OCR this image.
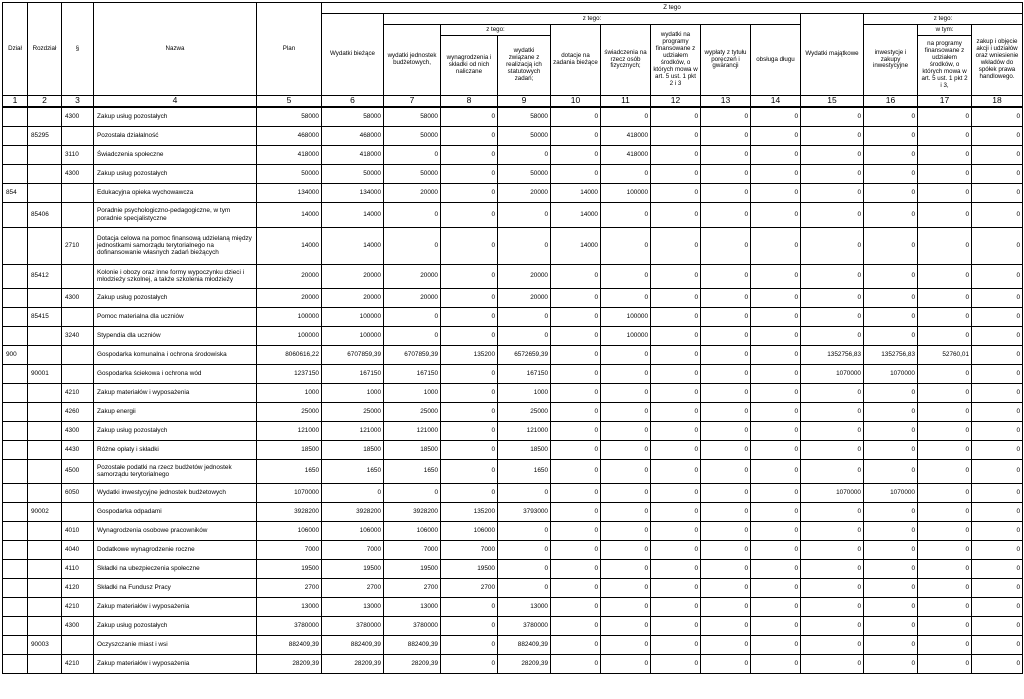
Dział	Rozdział	§	Nazwa	Plan	Z tego												
					Wydatki bieżące	z tego:								Wydatki majątkowe	z tego:		
						wydatki jednostek budżetowych,	z tego:		dotacje na zadania bieżące	świadczenia na rzecz osób fizycznych;	wydatki na programy finansowane z udziałem środków, o których mowa w art. 5 ust. 1 pkt 2 i 3	wypłaty z tytułu poręczeń i gwarancji	obsługa długu		inwestycje i zakupy inwestycyjne	w tym:	zakup i objęcie akcji i udziałów oraz wniesienie wkładów do spółek prawa handlowego.
							wynagrodzenia i składki od nich naliczane	wydatki związane z realizacją ich statutowych zadań;								na programy finansowane z udziałem środków, o których mowa w art. 5 ust. 1 pkt 2 i 3,	

1	2	3	4	5	6	7	8	9	10	11	12	13	14	15	16	17	18
		4300	Zakup usług pozostałych	58000	58000	58000	0	58000	0	0	0	0	0	0	0	0	0
	85295		Pozostała działalność	468000	468000	50000	0	50000	0	418000	0	0	0	0	0	0	0
		3110	Świadczenia społeczne	418000	418000	0	0	0	0	418000	0	0	0	0	0	0	0
		4300	Zakup usług pozostałych	50000	50000	50000	0	50000	0	0	0	0	0	0	0	0	0
854			Edukacyjna opieka wychowawcza	134000	134000	20000	0	20000	14000	100000	0	0	0	0	0	0	0
	85406		Poradnie psychologiczno-pedagogiczne, w tym poradnie specjalistyczne	14000	14000	0	0	0	14000	0	0	0	0	0	0	0	0
		2710	Dotacja celowa na pomoc finansową udzielaną między jednostkami samorządu terytorialnego na dofinansowanie własnych zadań bieżących	14000	14000	0	0	0	14000	0	0	0	0	0	0	0	0
	85412		Kolonie i obozy oraz inne formy wypoczynku dzieci i młodzieży szkolnej, a także szkolenia młodzieży	20000	20000	20000	0	20000	0	0	0	0	0	0	0	0	0
		4300	Zakup usług pozostałych	20000	20000	20000	0	20000	0	0	0	0	0	0	0	0	0
	85415		Pomoc materialna dla uczniów	100000	100000	0	0	0	0	100000	0	0	0	0	0	0	0
		3240	Stypendia dla uczniów	100000	100000	0	0	0	0	100000	0	0	0	0	0	0	0
900			Gospodarka komunalna i ochrona środowiska	8060616,22	6707859,39	6707859,39	135200	6572659,39	0	0	0	0	0	1352756,83	1352756,83	52760,01	0
	90001		Gospodarka ściekowa i ochrona wód	1237150	167150	167150	0	167150	0	0	0	0	0	1070000	1070000	0	0
		4210	Zakup materiałów i wyposażenia	1000	1000	1000	0	1000	0	0	0	0	0	0	0	0	0
		4260	Zakup energii	25000	25000	25000	0	25000	0	0	0	0	0	0	0	0	0
		4300	Zakup usług pozostałych	121000	121000	121000	0	121000	0	0	0	0	0	0	0	0	0
		4430	Różne opłaty i składki	18500	18500	18500	0	18500	0	0	0	0	0	0	0	0	0
		4500	Pozostałe podatki na rzecz budżetów jednostek samorządu terytorialnego	1650	1650	1650	0	1650	0	0	0	0	0	0	0	0	0
		6050	Wydatki inwestycyjne jednostek budżetowych	1070000	0	0	0	0	0	0	0	0	0	1070000	1070000	0	0
	90002		Gospodarka odpadami	3928200	3928200	3928200	135200	3793000	0	0	0	0	0	0	0	0	0
		4010	Wynagrodzenia osobowe pracowników	106000	106000	106000	106000	0	0	0	0	0	0	0	0	0	0
		4040	Dodatkowe wynagrodzenie roczne	7000	7000	7000	7000	0	0	0	0	0	0	0	0	0	0
		4110	Składki na ubezpieczenia społeczne	19500	19500	19500	19500	0	0	0	0	0	0	0	0	0	0
		4120	Składki na Fundusz Pracy	2700	2700	2700	2700	0	0	0	0	0	0	0	0	0	0
		4210	Zakup materiałów i wyposażenia	13000	13000	13000	0	13000	0	0	0	0	0	0	0	0	0
		4300	Zakup usług pozostałych	3780000	3780000	3780000	0	3780000	0	0	0	0	0	0	0	0	0
	90003		Oczyszczanie miast i wsi	882409,39	882409,39	882409,39	0	882409,39	0	0	0	0	0	0	0	0	0
		4210	Zakup materiałów i wyposażenia	28209,39	28209,39	28209,39	0	28209,39	0	0	0	0	0	0	0	0	0
